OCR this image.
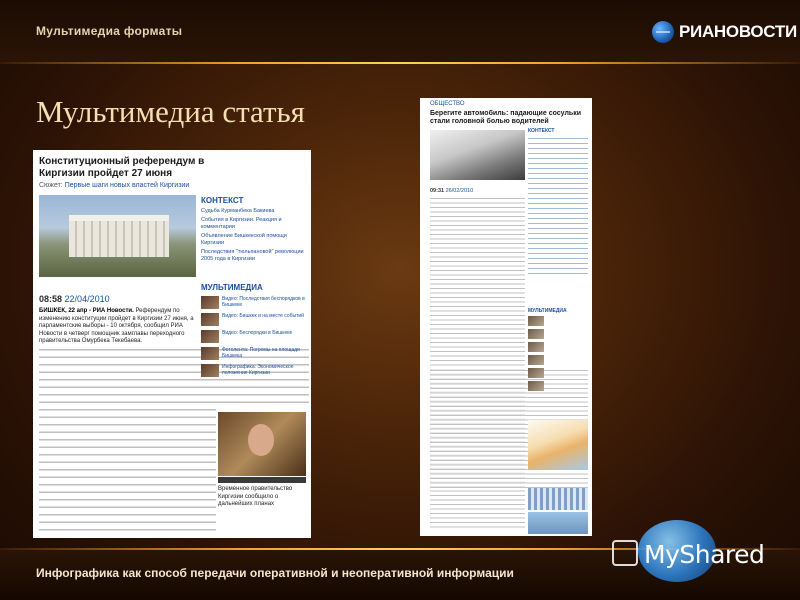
Мультимедиа форматы	РИАНОВОСТИ
Мультимедиа статья
Конституционный референдум в Киргизии пройдет 27 июня
Сюжет: Первые шаги новых властей Киргизии
08:58 22/04/2010
БИШКЕК, 22 апр - РИА Новости. Референдум по изменению конституции пройдет в Киргизии 27 июня, а парламентские выборы - 10 октября, сообщил РИА Новости в четверг помощник замглавы переходного правительства Омурбека Текебаева.
Временное правительство Киргизии сообщило о дальнейших планах
КОНТЕКСТ
Судьба Курманбека Бакиева
События в Киргизии. Реакция и комментарии
Объявление Бишкекской помощи Киргизии
Последствия "тюльпановой" революции 2005 года в Киргизии
МУЛЬТИМЕДИА
Видео: Последствия беспорядков в Бишкеке
Видео: Бишкек и на месте событий
Видео: Беспорядки в Бишкеке
Фотолента: Погромы на площади Бишкека
Инфографика: Экономическое положение Киргизии
ОБЩЕСТВО
Берегите автомобиль: падающие сосульки стали головной болью водителей
КОНТЕКСТ
09:31 26/02/2010
МУЛЬТИМЕДИА
Инфографика как способ передачи оперативной и неоперативной информации
MyShared
